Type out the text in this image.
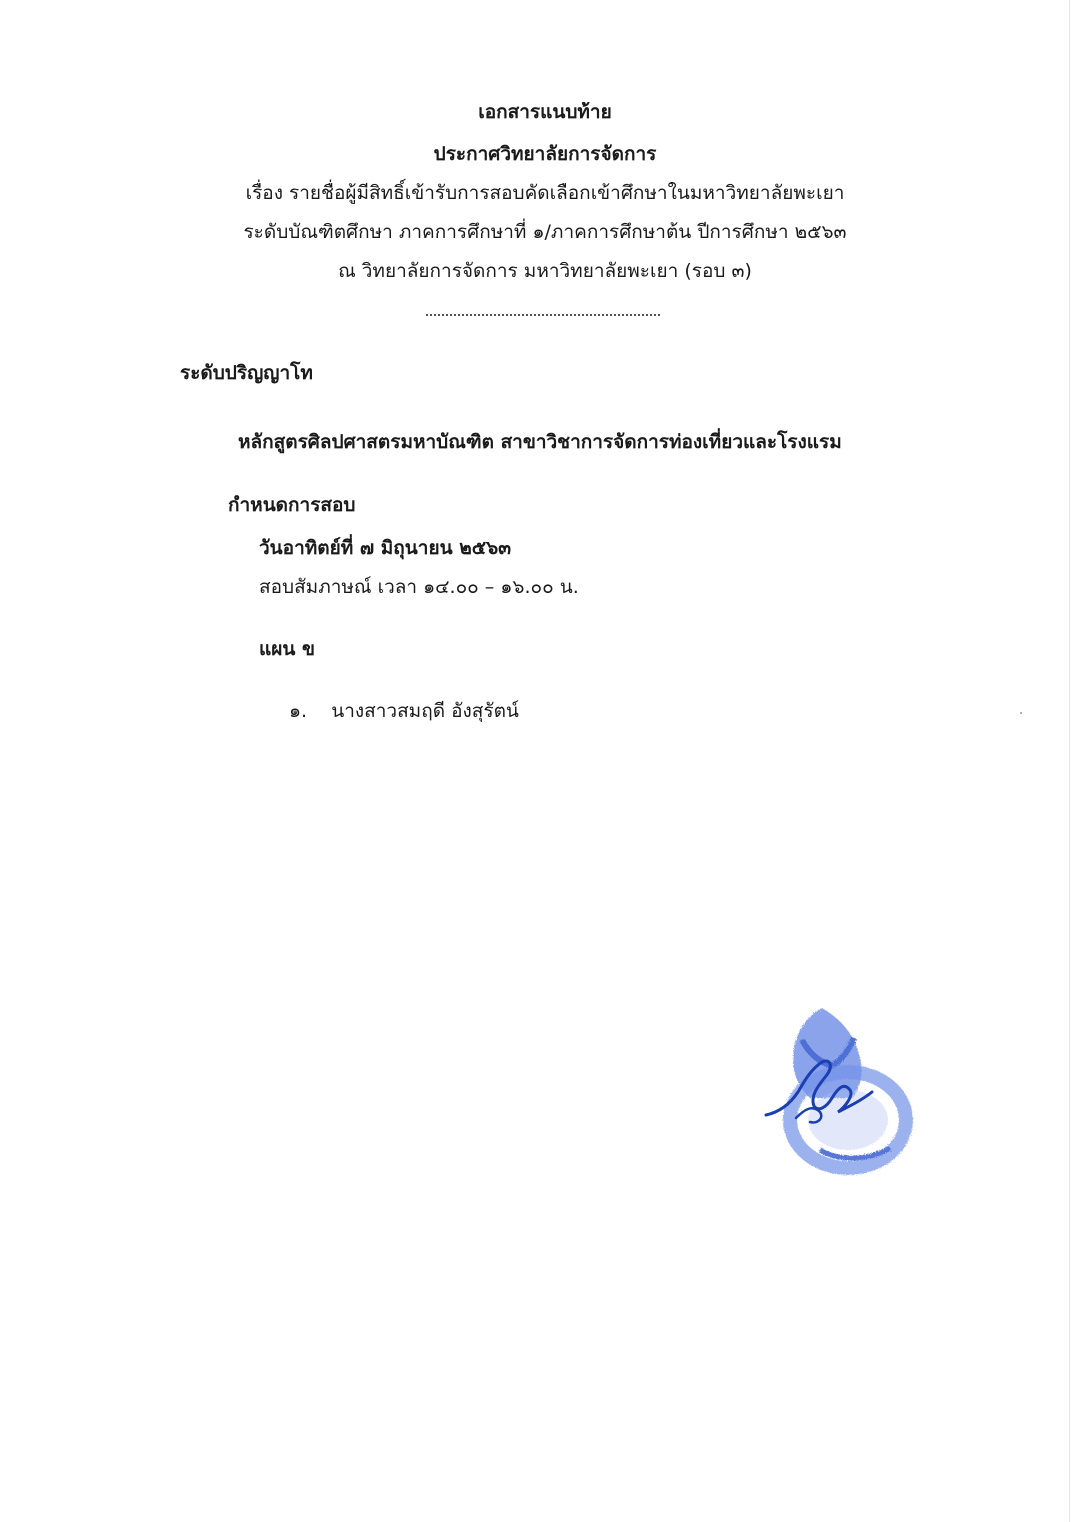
เอกสารแนบท้าย
ประกาศวิทยาลัยการจัดการ
เรื่อง รายชื่อผู้มีสิทธิ์เข้ารับการสอบคัดเลือกเข้าศึกษาในมหาวิทยาลัยพะเยา
ระดับบัณฑิตศึกษา ภาคการศึกษาที่ ๑/ภาคการศึกษาต้น ปีการศึกษา ๒๕๖๓
ณ วิทยาลัยการจัดการ มหาวิทยาลัยพะเยา (รอบ ๓)
ระดับปริญญาโท
หลักสูตรศิลปศาสตรมหาบัณฑิต สาขาวิชาการจัดการท่องเที่ยวและโรงแรม
กำหนดการสอบ
วันอาทิตย์ที่ ๗ มิถุนายน ๒๕๖๓
สอบสัมภาษณ์ เวลา ๑๔.๐๐ – ๑๖.๐๐ น.
แผน ข
๑. นางสาวสมฤดี อังสุรัตน์
